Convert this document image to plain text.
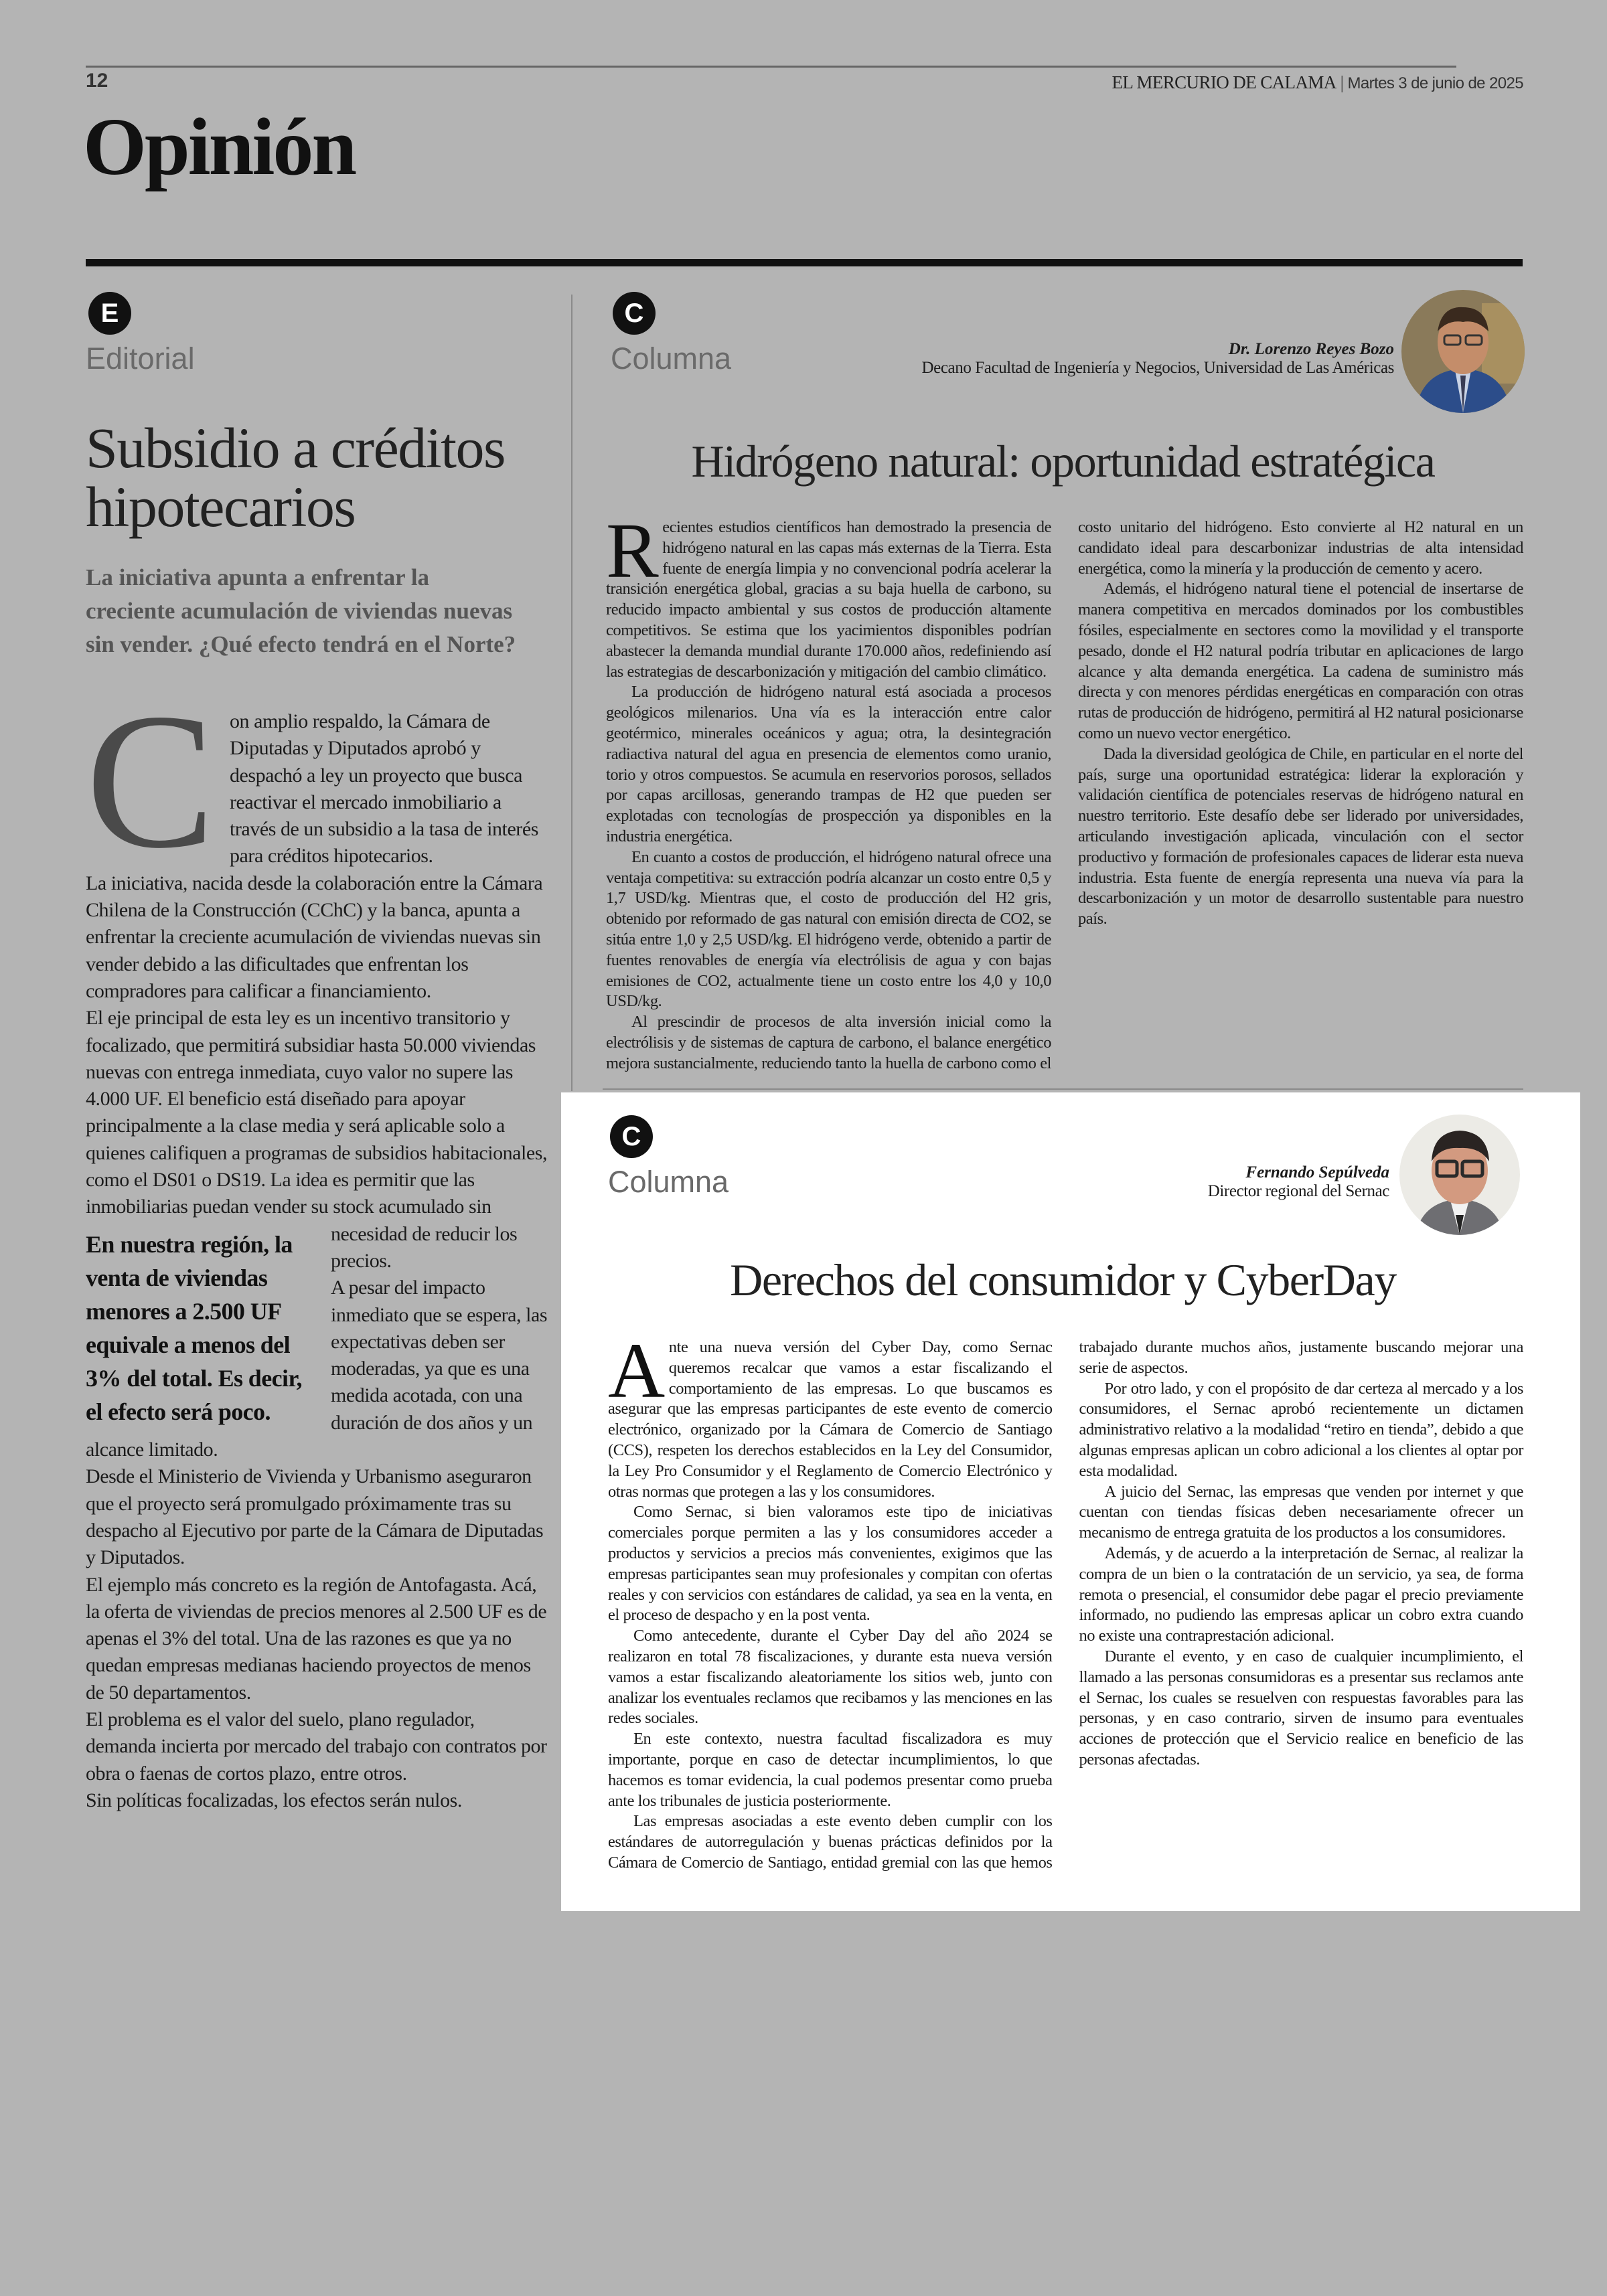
12	EL MERCURIO DE CALAMA | Martes 3 de junio de 2025
Opinión
E
Editorial
Subsidio a créditos hipotecarios
La iniciativa apunta a enfrentar la creciente acumulación de viviendas nuevas sin vender. ¿Qué efecto tendrá en el Norte?
C
En nuestra región, la venta de viviendas menores a 2.500 UF equivale a menos del 3% del total. Es decir, el efecto será poco.

on amplio respaldo, la Cámara de Diputadas y Diputados aprobó y despachó a ley un proyecto que busca reactivar el mercado inmobiliario a través de un subsidio a la tasa de interés para créditos hipotecarios.

La iniciativa, nacida desde la colaboración entre la Cámara Chilena de la Construcción (CChC) y la banca, apunta a enfrentar la creciente acumulación de viviendas nuevas sin vender debido a las dificultades que enfrentan los compradores para calificar a financiamiento.

El eje principal de esta ley es un incentivo transitorio y focalizado, que permitirá subsidiar hasta 50.000 viviendas nuevas con entrega inmediata, cuyo valor no supere las 4.000 UF. El beneficio está diseñado para apoyar principalmente a la clase media y será aplicable solo a quienes califiquen a programas de subsidios habitacionales, como el DS01 o DS19. La idea es permitir que las inmobiliarias puedan vender su stock acumulado sin necesidad de reducir los precios.

A pesar del impacto inmediato que se espera, las expectativas deben ser moderadas, ya que es una medida acotada, con una duración de dos años y un alcance limitado.

Desde el Ministerio de Vivienda y Urbanismo aseguraron que el proyecto será promulgado próximamente tras su despacho al Ejecutivo por parte de la Cámara de Diputadas y Diputados.

El ejemplo más concreto es la región de Antofagasta. Acá, la oferta de viviendas de precios menores al 2.500 UF es de apenas el 3% del total. Una de las razones es que ya no quedan empresas medianas haciendo proyectos de menos de 50 departamentos.

El problema es el valor del suelo, plano regulador, demanda incierta por mercado del trabajo con contratos por obra o faenas de cortos plazo, entre otros.

Sin políticas focalizadas, los efectos serán nulos.

C
Columna	Dr. Lorenzo Reyes Bozo
Decano Facultad de Ingeniería y Negocios, Universidad de Las Américas
Hidrógeno natural: oportunidad estratégica

Recientes estudios científicos han demostrado la presencia de hidrógeno natural en las capas más externas de la Tierra. Esta fuente de energía limpia y no convencional podría acelerar la transición energética global, gracias a su baja huella de carbono, su reducido impacto ambiental y sus costos de producción altamente competitivos. Se estima que los yacimientos disponibles podrían abastecer la demanda mundial durante 170.000 años, redefiniendo así las estrategias de descarbonización y mitigación del cambio climático.

La producción de hidrógeno natural está asociada a procesos geológicos milenarios. Una vía es la interacción entre calor geotérmico, minerales oceánicos y agua; otra, la desintegración radiactiva natural del agua en presencia de elementos como uranio, torio y otros compuestos. Se acumula en reservorios porosos, sellados por capas arcillosas, generando trampas de H2 que pueden ser explotadas con tecnologías de prospección ya disponibles en la industria energética.

En cuanto a costos de producción, el hidrógeno natural ofrece una ventaja competitiva: su extracción podría alcanzar un costo entre 0,5 y 1,7 USD/kg. Mientras que, el costo de producción del H2 gris, obtenido por reformado de gas natural con emisión directa de CO2, se sitúa entre 1,0 y 2,5 USD/kg. El hidrógeno verde, obtenido a partir de fuentes renovables de energía vía electrólisis de agua y con bajas emisiones de CO2, actualmente tiene un costo entre los 4,0 y 10,0 USD/kg.

Al prescindir de procesos de alta inversión inicial como la electrólisis y de sistemas de captura de carbono, el balance energético mejora sustancialmente, reduciendo tanto la huella de carbono como el costo unitario del hidrógeno. Esto convierte al H2 natural en un candidato ideal para descarbonizar industrias de alta intensidad energética, como la minería y la producción de cemento y acero.

Además, el hidrógeno natural tiene el potencial de insertarse de manera competitiva en mercados dominados por los combustibles fósiles, especialmente en sectores como la movilidad y el transporte pesado, donde el H2 natural podría tributar en aplicaciones de largo alcance y alta demanda energética. La cadena de suministro más directa y con menores pérdidas energéticas en comparación con otras rutas de producción de hidrógeno, permitirá al H2 natural posicionarse como un nuevo vector energético.

Dada la diversidad geológica de Chile, en particular en el norte del país, surge una oportunidad estratégica: liderar la exploración y validación científica de potenciales reservas de hidrógeno natural en nuestro territorio. Este desafío debe ser liderado por universidades, articulando investigación aplicada, vinculación con el sector productivo y formación de profesionales capaces de liderar esta nueva industria. Esta fuente de energía representa una nueva vía para la descarbonización y un motor de desarrollo sustentable para nuestro país.

C
Columna	Fernando Sepúlveda
Director regional del Sernac
Derechos del consumidor y CyberDay

Ante una nueva versión del Cyber Day, como Sernac queremos recalcar que vamos a estar fiscalizando el comportamiento de las empresas. Lo que buscamos es asegurar que las empresas participantes de este evento de comercio electrónico, organizado por la Cámara de Comercio de Santiago (CCS), respeten los derechos establecidos en la Ley del Consumidor, la Ley Pro Consumidor y el Reglamento de Comercio Electrónico y otras normas que protegen a las y los consumidores.

Como Sernac, si bien valoramos este tipo de iniciativas comerciales porque permiten a las y los consumidores acceder a productos y servicios a precios más convenientes, exigimos que las empresas participantes sean muy profesionales y compitan con ofertas reales y con servicios con estándares de calidad, ya sea en la venta, en el proceso de despacho y en la post venta.

Como antecedente, durante el Cyber Day del año 2024 se realizaron en total 78 fiscalizaciones, y durante esta nueva versión vamos a estar fiscalizando aleatoriamente los sitios web, junto con analizar los eventuales reclamos que recibamos y las menciones en las redes sociales.

En este contexto, nuestra facultad fiscalizadora es muy importante, porque en caso de detectar incumplimientos, lo que hacemos es tomar evidencia, la cual podemos presentar como prueba ante los tribunales de justicia posteriormente.

Las empresas asociadas a este evento deben cumplir con los estándares de autorregulación y buenas prácticas definidos por la Cámara de Comercio de Santiago, entidad gremial con las que hemos trabajado durante muchos años, justamente buscando mejorar una serie de aspectos.

Por otro lado, y con el propósito de dar certeza al mercado y a los consumidores, el Sernac aprobó recientemente un dictamen administrativo relativo a la modalidad “retiro en tienda”, debido a que algunas empresas aplican un cobro adicional a los clientes al optar por esta modalidad.

A juicio del Sernac, las empresas que venden por internet y que cuentan con tiendas físicas deben necesariamente ofrecer un mecanismo de entrega gratuita de los productos a los consumidores.

Además, y de acuerdo a la interpretación de Sernac, al realizar la compra de un bien o la contratación de un servicio, ya sea, de forma remota o presencial, el consumidor debe pagar el precio previamente informado, no pudiendo las empresas aplicar un cobro extra cuando no existe una contraprestación adicional.

Durante el evento, y en caso de cualquier incumplimiento, el llamado a las personas consumidoras es a presentar sus reclamos ante el Sernac, los cuales se resuelven con respuestas favorables para las personas, y en caso contrario, sirven de insumo para eventuales acciones de protección que el Servicio realice en beneficio de las personas afectadas.
